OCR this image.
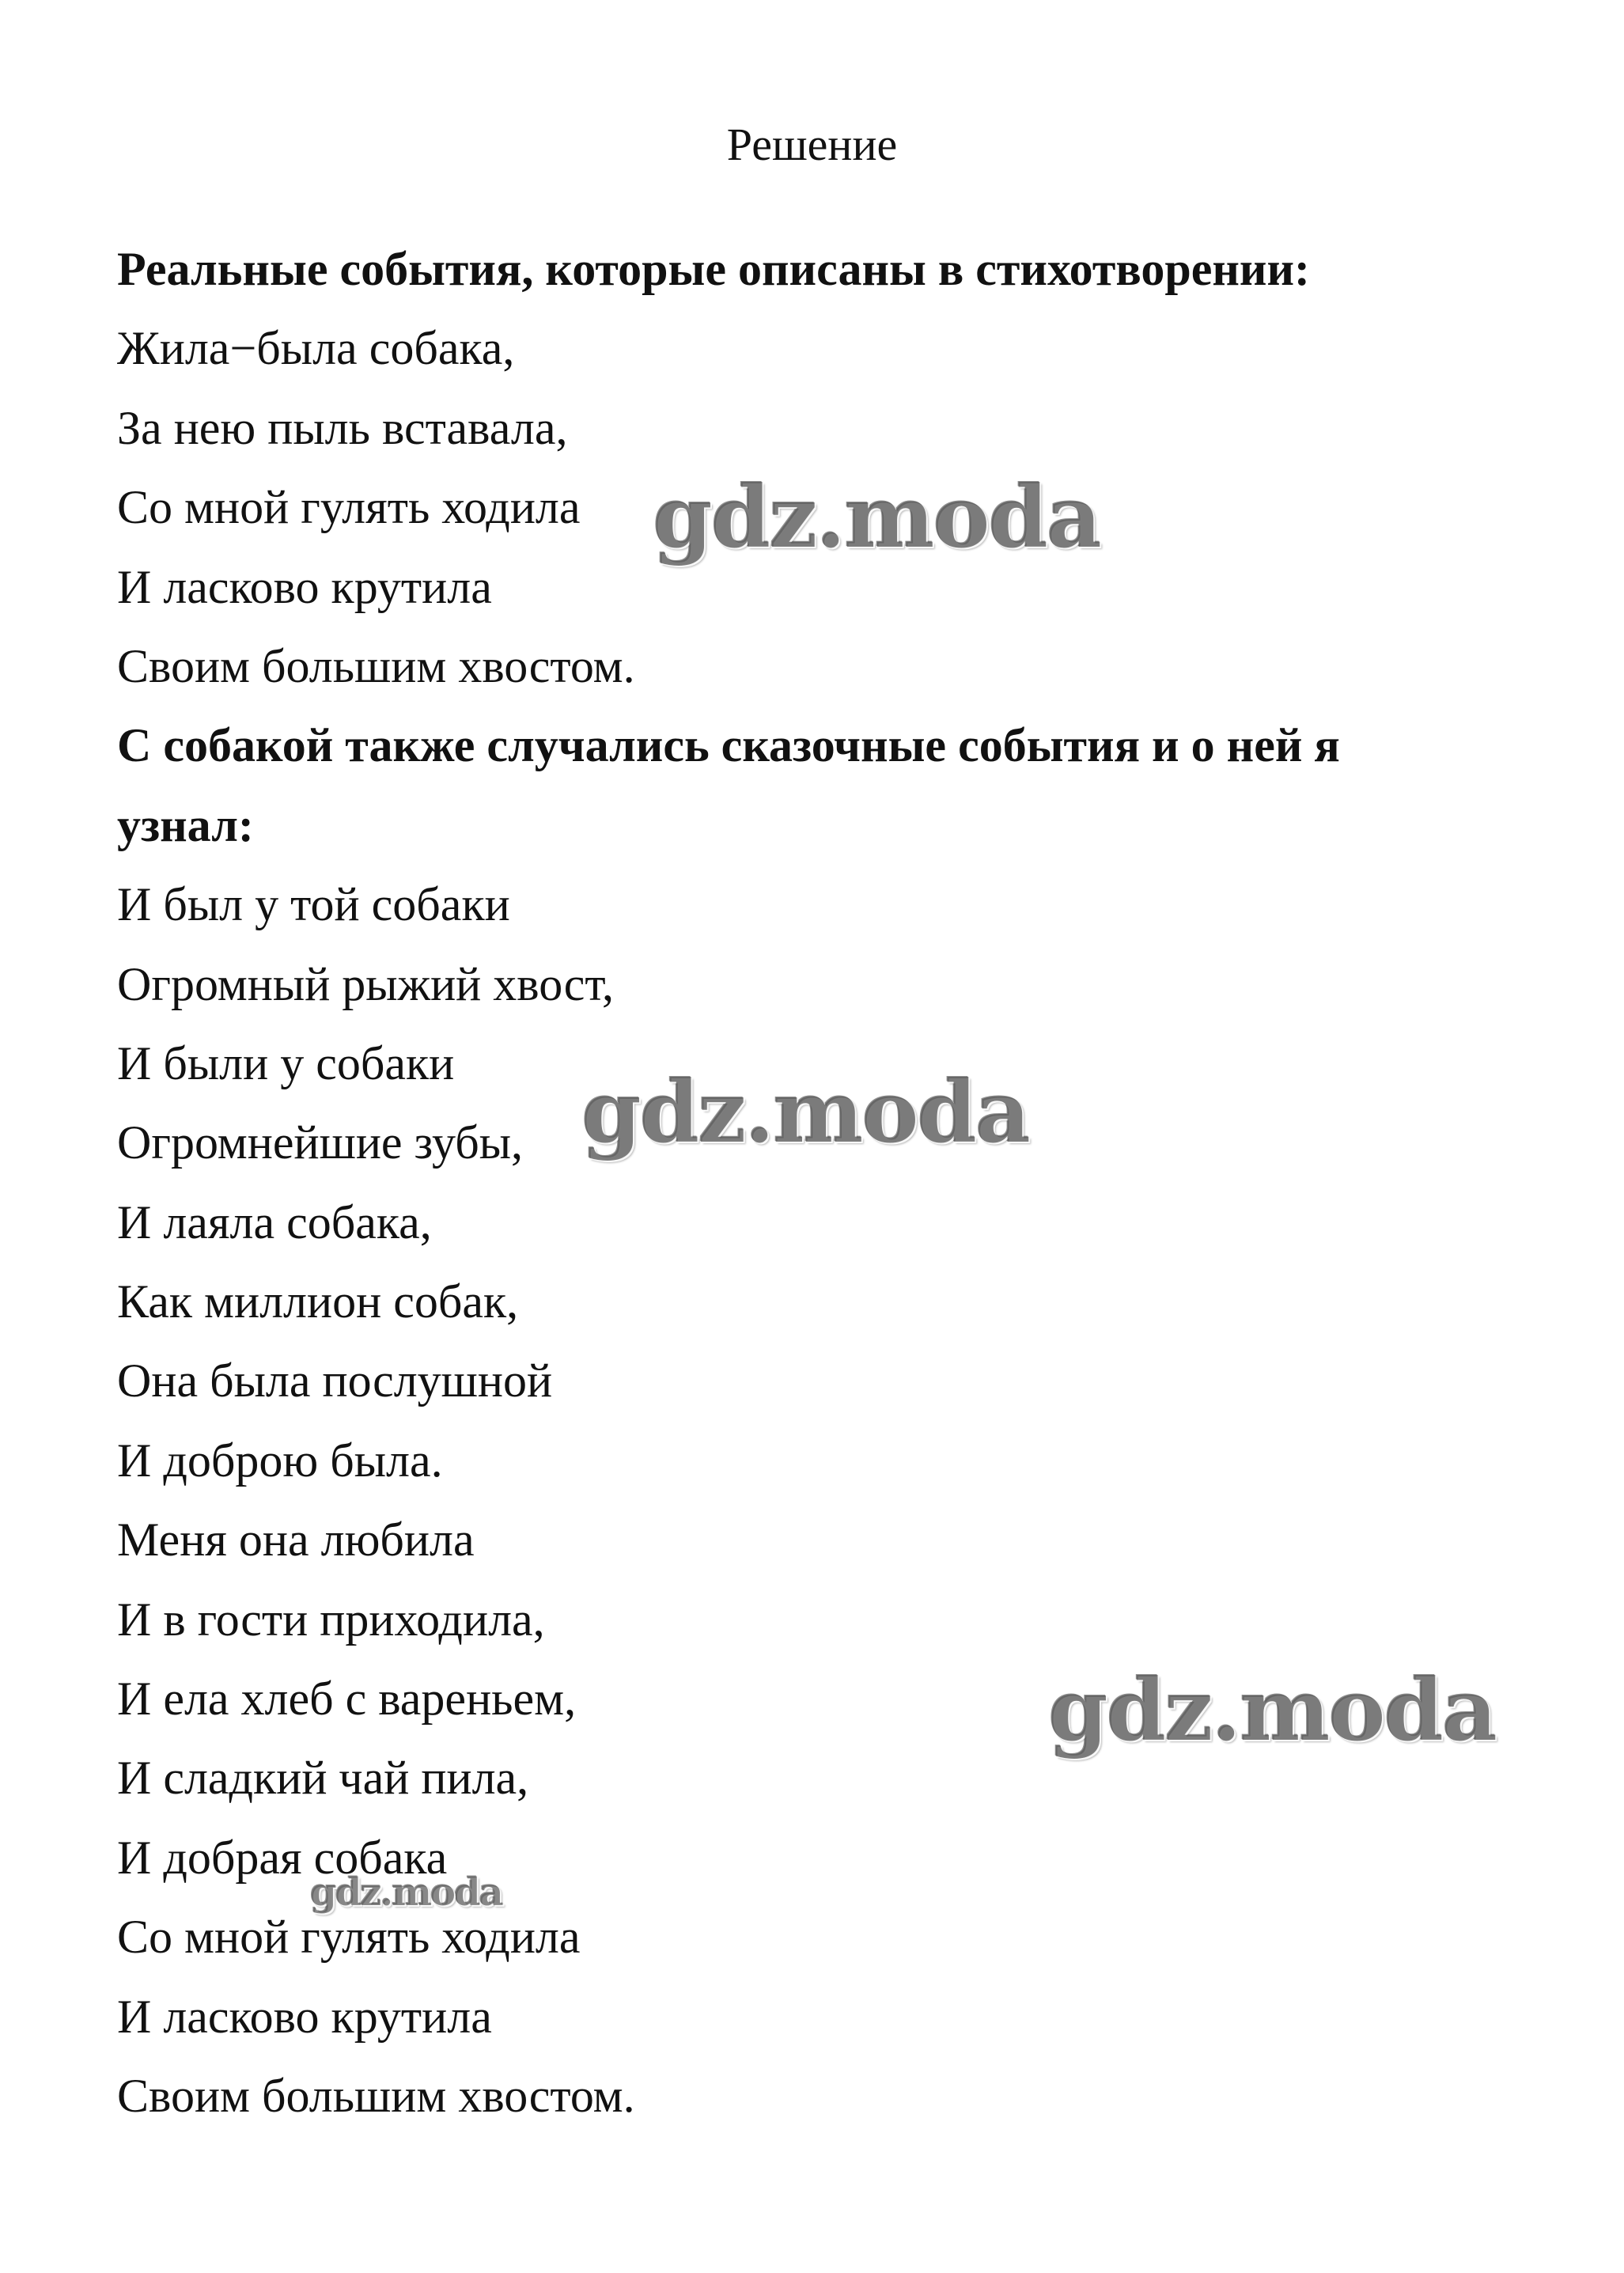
Решение
Реальные события, которые описаны в стихотворении:
Жила−была собака,
За нею пыль вставала,
Со мной гулять ходила
И ласково крутила
Своим большим хвостом.
С собакой также случались сказочные события и о ней я
узнал:
И был у той собаки
Огромный рыжий хвост,
И были у собаки
Огромнейшие зубы,
И лаяла собака,
Как миллион собак,
Она была послушной
И доброю была.
Меня она любила
И в гости приходила,
И ела хлеб с вареньем,
И сладкий чай пила,
И добрая собака
Со мной гулять ходила
И ласково крутила
Своим большим хвостом.
gdz.moda
gdz.moda
gdz.moda
gdz.moda
